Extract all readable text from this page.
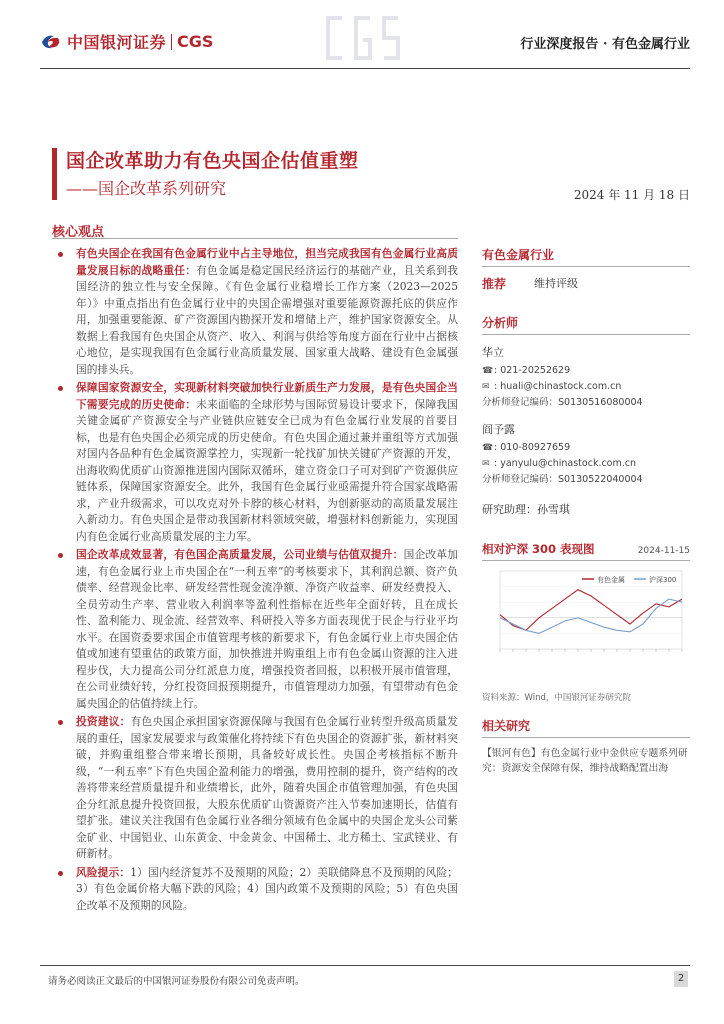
中国银河证券 CGS	行业深度报告 · 有色金属行业
国企改革助力有色央国企估值重塑
——国企改革系列研究	2024 年 11 月 18 日
核心观点
有色央国企在我国有色金属行业中占主导地位，担当完成我国有色金属行业高质量发展目标的战略重任：有色金属是稳定国民经济运行的基础产业，且关系到我国经济的独立性与安全保障。《有色金属行业稳增长工作方案（2023—2025 年）》中重点指出有色金属行业中的央国企需增强对重要能源资源托底的供应作用，加强重要能源、矿产资源国内勘探开发和增储上产，维护国家资源安全。从数据上看我国有色央国企从资产、收入、利润与供给等角度方面在行业中占据核心地位，是实现我国有色金属行业高质量发展、国家重大战略、建设有色金属强国的排头兵。
保障国家资源安全，实现新材料突破加快行业新质生产力发展，是有色央国企当下需要完成的历史使命：未来面临的全球形势与国际贸易设计要求下，保障我国关键金属矿产资源安全与产业链供应链安全已成为有色金属行业发展的首要目标，也是有色央国企必须完成的历史使命。有色央国企通过兼并重组等方式加强对国内各品种有色金属资源掌控力，实现新一轮找矿加快关键矿产资源的开发，出海收购优质矿山资源推进国内国际双循环，建立资金口子可对到矿产资源供应链体系，保障国家资源安全。此外，我国有色金属行业亟需提升符合国家战略需求，产业升级需求，可以攻克对外卡脖的核心材料，为创新驱动的高质量发展注入新动力。有色央国企是带动我国新材料领域突破，增强材料创新能力，实现国内有色金属行业高质量发展的主力军。
国企改革成效显著，有色国企高质量发展，公司业绩与估值双提升：国企改革加速，有色金属行业上市央国企在“一利五率”的考核要求下，其利润总额、资产负债率、经营现金比率、研发经营性现金流净额、净资产收益率、研发经费投入、全员劳动生产率、营业收入利润率等盈利性指标在近些年全面好转，且在成长性、盈利能力、现金流、经营效率、科研投入等多方面表现优于民企与行业平均水平。在国资委要求国企市值管理考核的新要求下，有色金属行业上市央国企估值或加速有望重估的政策方面，加快推进并购重组上市有色金属山资源的注入进程步伐，大力提高公司分红派息力度，增强投资者回报，以积极开展市值管理，在公司业绩好转，分红投资回报预期提升，市值管理动力加强，有望带动有色金属央国企的估值持续上行。
投资建议：有色央国企承担国家资源保障与我国有色金属行业转型升级高质量发展的重任，国家发展要求与政策催化将持续下有色央国企的资源扩张，新材料突破，并购重组整合带来增长预期，具备较好成长性。央国企考核指标不断升级，“一利五率”下有色央国企盈利能力的增强，费用控制的提升，资产结构的改善将带来经营质量提升和业绩增长，此外，随着央国企市值管理加强，有色央国企分红派息提升投资回报，大股东优质矿山资源资产注入节奏加速期长，估值有望扩张。建议关注我国有色金属行业各细分领域有色金属中的央国企龙头公司紫金矿业、中国铝业、山东黄金、中金黄金、中国稀土、北方稀土、宝武镁业、有研新材。
风险提示：1）国内经济复苏不及预期的风险；2）美联储降息不及预期的风险；3）有色金属价格大幅下跌的风险；4）国内政策不及预期的风险；5）有色央国企改革不及预期的风险。
有色金属行业
推荐	维持评级
分析师
华立
☎: 021-20252629
✉ : huali@chinastock.com.cn
分析师登记编码：S0130516080004
阎予露
☎: 010-80927659
✉ : yanyulu@chinastock.com.cn
分析师登记编码：S0130522040004
研究助理：孙雪琪
相对沪深 300 表现图	2024-11-15
有色金属	沪深300
资料来源：Wind，中国银河证券研究院
相关研究
【银河有色】有色金属行业中金供应专题系列研究：资源安全保障有保，维持战略配置出海
请务必阅读正文最后的中国银河证券股份有限公司免责声明。	2
